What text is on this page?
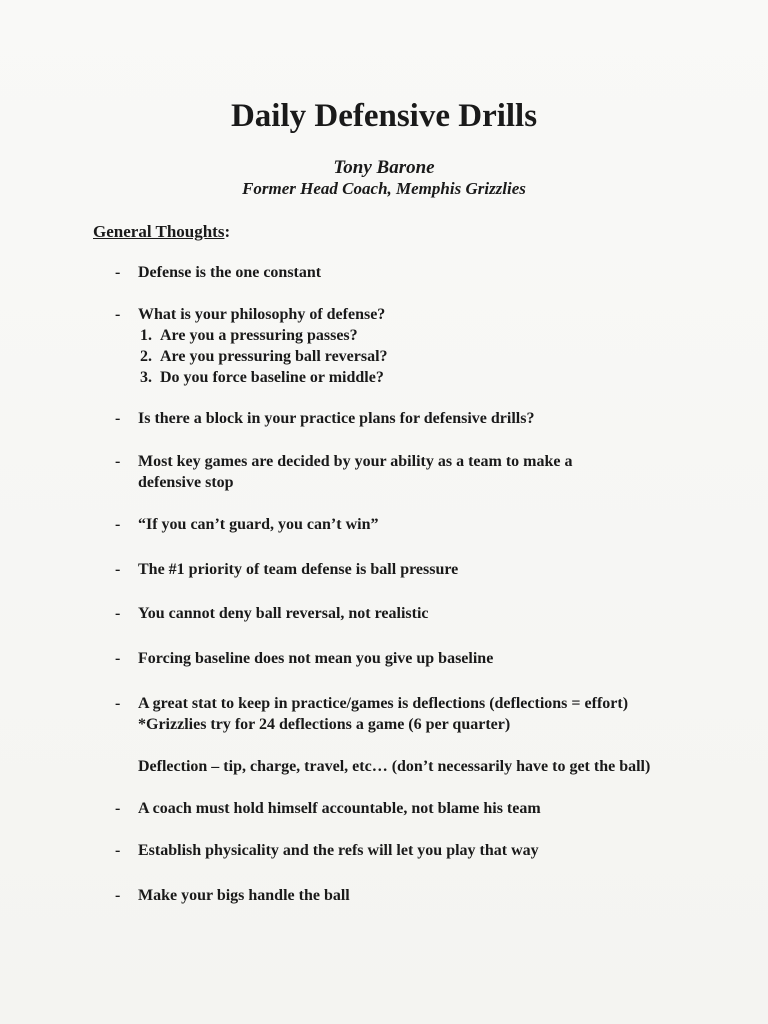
Daily Defensive Drills
Tony Barone
Former Head Coach, Memphis Grizzlies
General Thoughts:
- Defense is the one constant
- What is your philosophy of defense?
1. Are you a pressuring passes?
2. Are you pressuring ball reversal?
3. Do you force baseline or middle?
- Is there a block in your practice plans for defensive drills?
- Most key games are decided by your ability as a team to make a defensive stop
- “If you can’t guard, you can’t win”
- The #1 priority of team defense is ball pressure
- You cannot deny ball reversal, not realistic
- Forcing baseline does not mean you give up baseline
- A great stat to keep in practice/games is deflections (deflections = effort)
*Grizzlies try for 24 deflections a game (6 per quarter)
Deflection – tip, charge, travel, etc… (don’t necessarily have to get the ball)
- A coach must hold himself accountable, not blame his team
- Establish physicality and the refs will let you play that way
- Make your bigs handle the ball
